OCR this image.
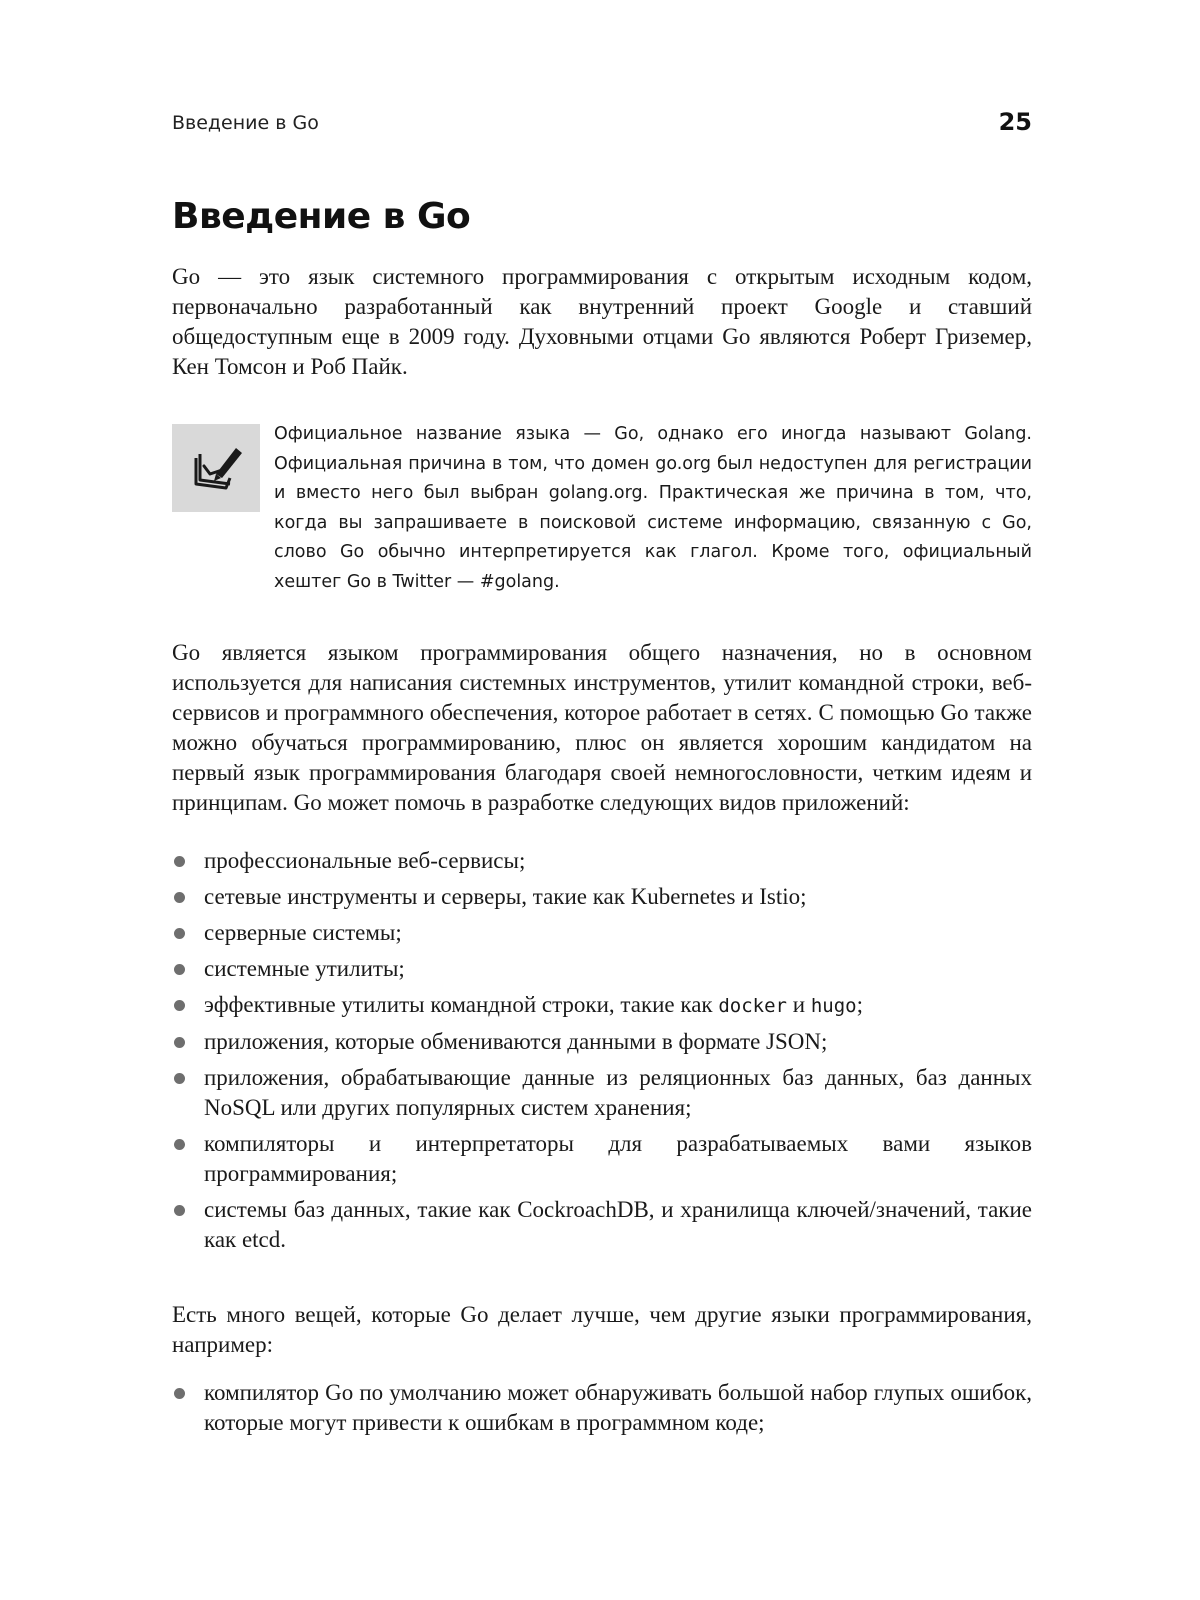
Введение в Go	25
Введение в Go

Go — это язык системного программирования с открытым исходным кодом, первоначально разработанный как внутренний проект Google и ставший общедоступным еще в 2009 году. Духовными отцами Go являются Роберт Гриземер, Кен Томсон и Роб Пайк.

Официальное название языка — Go, однако его иногда называют Golang. Официальная причина в том, что домен go.org был недоступен для регистрации и вместо него был выбран golang.org. Практическая же причина в том, что, когда вы запрашиваете в поисковой системе информацию, связанную с Go, слово Go обычно интерпретируется как глагол. Кроме того, официальный хештег Go в Twitter — #golang.

Go является языком программирования общего назначения, но в основном используется для написания системных инструментов, утилит командной строки, веб-сервисов и программного обеспечения, которое работает в сетях. С помощью Go также можно обучаться программированию, плюс он является хорошим кандидатом на первый язык программирования благодаря своей немногословности, четким идеям и принципам. Go может помочь в разработке следующих видов приложений:

профессиональные веб-сервисы;
сетевые инструменты и серверы, такие как Kubernetes и Istio;
серверные системы;
системные утилиты;
эффективные утилиты командной строки, такие как docker и hugo;
приложения, которые обмениваются данными в формате JSON;
приложения, обрабатывающие данные из реляционных баз данных, баз данных NoSQL или других популярных систем хранения;
компиляторы и интерпретаторы для разрабатываемых вами языков программирования;
системы баз данных, такие как CockroachDB, и хранилища ключей/значений, такие как etcd.

Есть много вещей, которые Go делает лучше, чем другие языки программирования, например:

компилятор Go по умолчанию может обнаруживать большой набор глупых ошибок, которые могут привести к ошибкам в программном коде;
